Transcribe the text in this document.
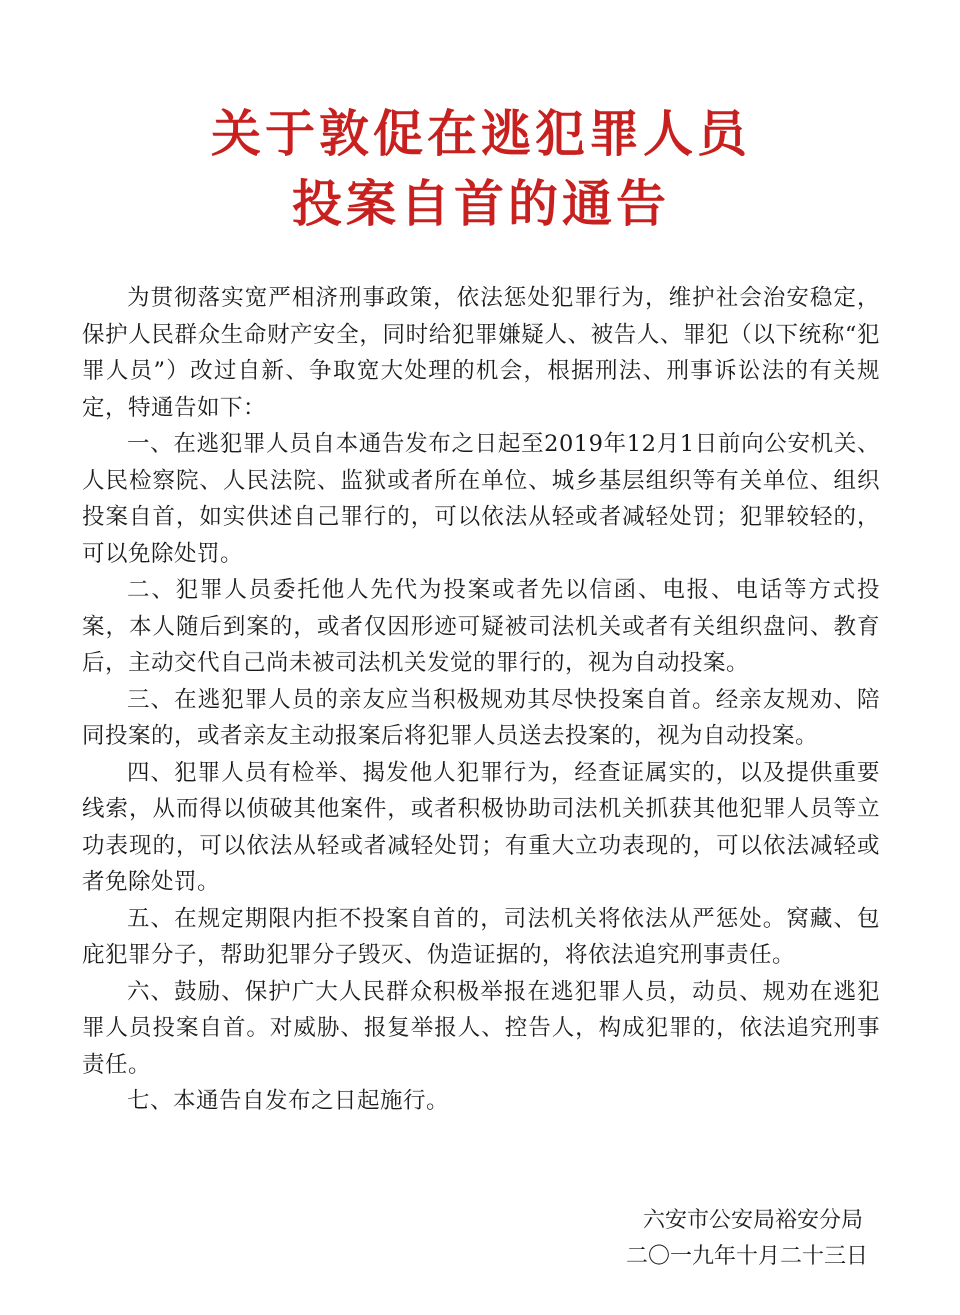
关于敦促在逃犯罪人员
投案自首的通告

为贯彻落实宽严相济刑事政策，依法惩处犯罪行为，维护社会治安稳定，保护人民群众生命财产安全，同时给犯罪嫌疑人、被告人、罪犯（以下统称“犯罪人员”）改过自新、争取宽大处理的机会，根据刑法、刑事诉讼法的有关规定，特通告如下：

一、在逃犯罪人员自本通告发布之日起至2019年12月1日前向公安机关、人民检察院、人民法院、监狱或者所在单位、城乡基层组织等有关单位、组织投案自首，如实供述自己罪行的，可以依法从轻或者减轻处罚；犯罪较轻的，可以免除处罚。

二、犯罪人员委托他人先代为投案或者先以信函、电报、电话等方式投案，本人随后到案的，或者仅因形迹可疑被司法机关或者有关组织盘问、教育后，主动交代自己尚未被司法机关发觉的罪行的，视为自动投案。

三、在逃犯罪人员的亲友应当积极规劝其尽快投案自首。经亲友规劝、陪同投案的，或者亲友主动报案后将犯罪人员送去投案的，视为自动投案。

四、犯罪人员有检举、揭发他人犯罪行为，经查证属实的，以及提供重要线索，从而得以侦破其他案件，或者积极协助司法机关抓获其他犯罪人员等立功表现的，可以依法从轻或者减轻处罚；有重大立功表现的，可以依法减轻或者免除处罚。

五、在规定期限内拒不投案自首的，司法机关将依法从严惩处。窝藏、包庇犯罪分子，帮助犯罪分子毁灭、伪造证据的，将依法追究刑事责任。

六、鼓励、保护广大人民群众积极举报在逃犯罪人员，动员、规劝在逃犯罪人员投案自首。对威胁、报复举报人、控告人，构成犯罪的，依法追究刑事责任。

七、本通告自发布之日起施行。

六安市公安局裕安分局
二〇一九年十月二十三日
